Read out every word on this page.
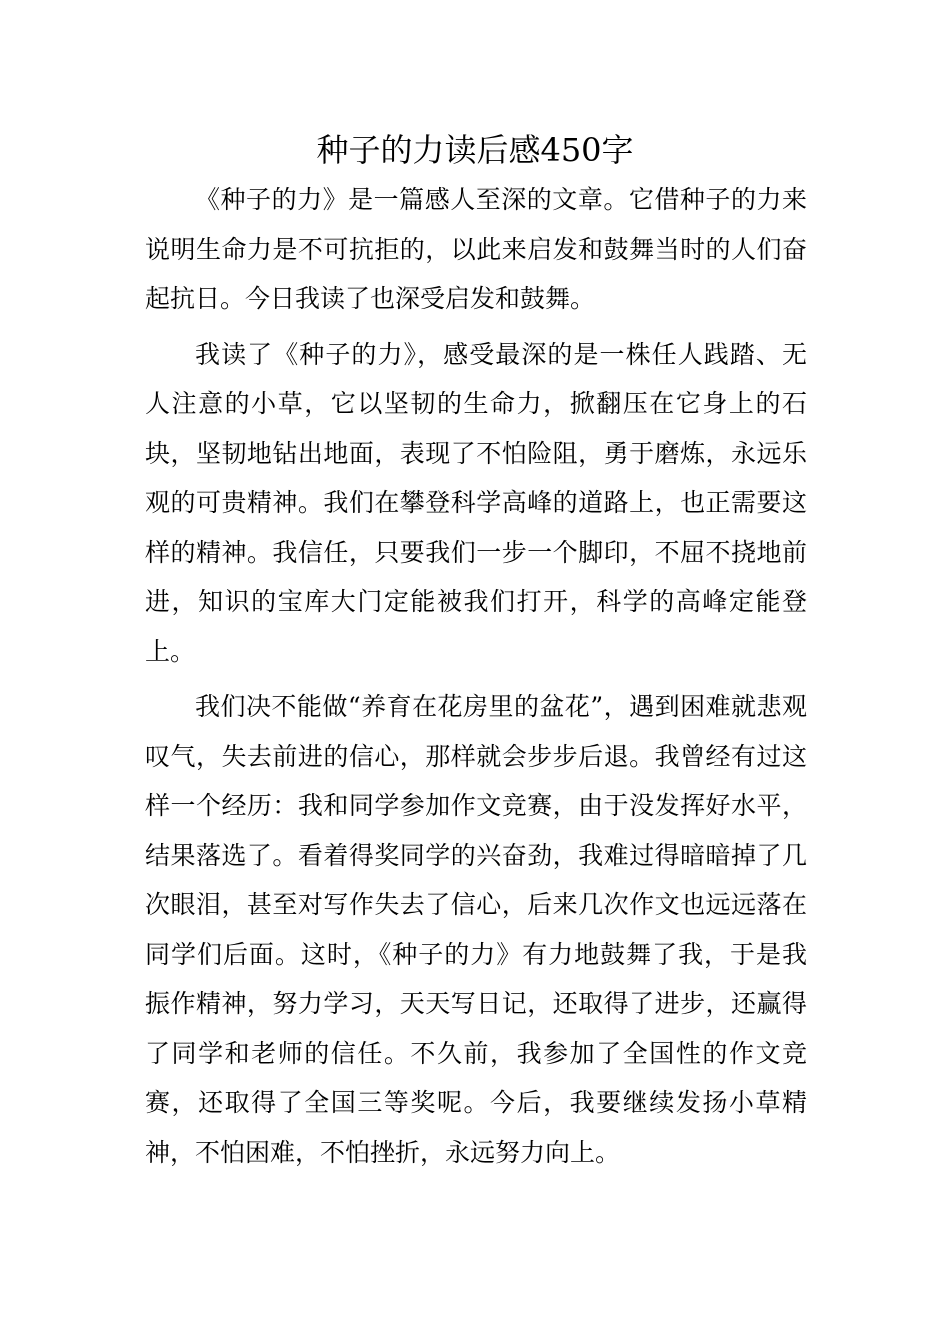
种子的力读后感450字

《种子的力》是一篇感人至深的文章。它借种子的力来说明生命力是不可抗拒的，以此来启发和鼓舞当时的人们奋起抗日。今日我读了也深受启发和鼓舞。

我读了《种子的力》，感受最深的是一株任人践踏、无人注意的小草，它以坚韧的生命力，掀翻压在它身上的石块，坚韧地钻出地面，表现了不怕险阻，勇于磨炼，永远乐观的可贵精神。我们在攀登科学高峰的道路上，也正需要这样的精神。我信任，只要我们一步一个脚印，不屈不挠地前进，知识的宝库大门定能被我们打开，科学的高峰定能登上。

我们决不能做“养育在花房里的盆花”，遇到困难就悲观叹气，失去前进的信心，那样就会步步后退。我曾经有过这样一个经历：我和同学参加作文竞赛，由于没发挥好水平，结果落选了。看着得奖同学的兴奋劲，我难过得暗暗掉了几次眼泪，甚至对写作失去了信心，后来几次作文也远远落在同学们后面。这时，《种子的力》有力地鼓舞了我，于是我振作精神，努力学习，天天写日记，还取得了进步，还赢得了同学和老师的信任。不久前，我参加了全国性的作文竞赛，还取得了全国三等奖呢。今后，我要继续发扬小草精神，不怕困难，不怕挫折，永远努力向上。
